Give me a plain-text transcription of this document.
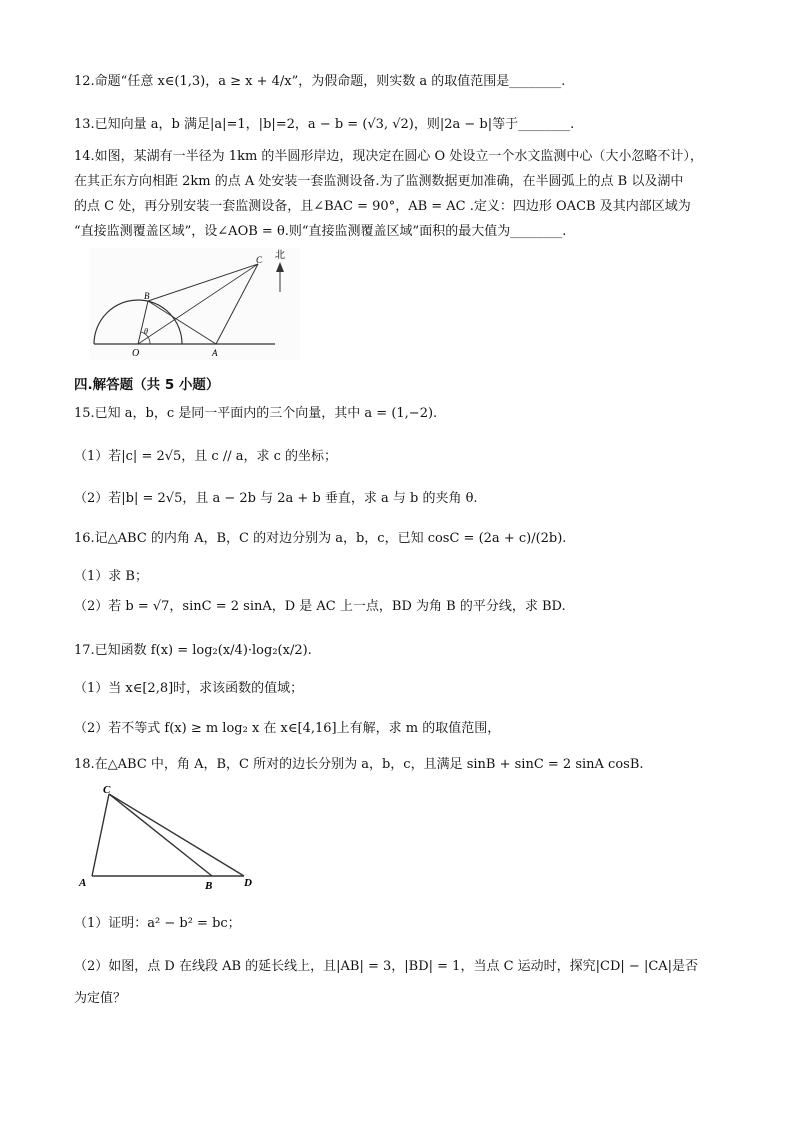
12.命题“任意 x∈(1,3)，a ≥ x + 4/x”，为假命题，则实数 a 的取值范围是________.
13.已知向量 a，b 满足|a|=1，|b|=2，a − b = (√3, √2)，则|2a − b|等于________.
14.如图，某湖有一半径为 1km 的半圆形岸边，现决定在圆心 O 处设立一个水文监测中心（大小忽略不计），
在其正东方向相距 2km 的点 A 处安装一套监测设备.为了监测数据更加准确，在半圆弧上的点 B 以及湖中
的点 C 处，再分别安装一套监测设备，且∠BAC = 90°，AB = AC .定义：四边形 OACB 及其内部区域为
“直接监测覆盖区域”，设∠AOB = θ.则“直接监测覆盖区域”面积的最大值为________.
北
O	A
B
C
θ
四.解答题（共 5 小题）
15.已知 a，b，c 是同一平面内的三个向量，其中 a = (1,−2).
（1）若|c| = 2√5，且 c // a，求 c 的坐标；
（2）若|b| = 2√5，且 a − 2b 与 2a + b 垂直，求 a 与 b 的夹角 θ.
16.记△ABC 的内角 A，B，C 的对边分别为 a，b，c，已知 cosC = (2a + c)/(2b).
（1）求 B；
（2）若 b = √7，sinC = 2 sinA，D 是 AC 上一点，BD 为角 B 的平分线，求 BD.
17.已知函数 f(x) = log₂(x/4)·log₂(x/2).
（1）当 x∈[2,8]时，求该函数的值域；
（2）若不等式 f(x) ≥ m log₂ x 在 x∈[4,16]上有解，求 m 的取值范围，
18.在△ABC 中，角 A，B，C 所对的边长分别为 a，b，c，且满足 sinB + sinC = 2 sinA cosB.
C
A	B	D
（1）证明：a² − b² = bc；
（2）如图，点 D 在线段 AB 的延长线上，且|AB| = 3，|BD| = 1，当点 C 运动时，探究|CD| − |CA|是否
为定值？
